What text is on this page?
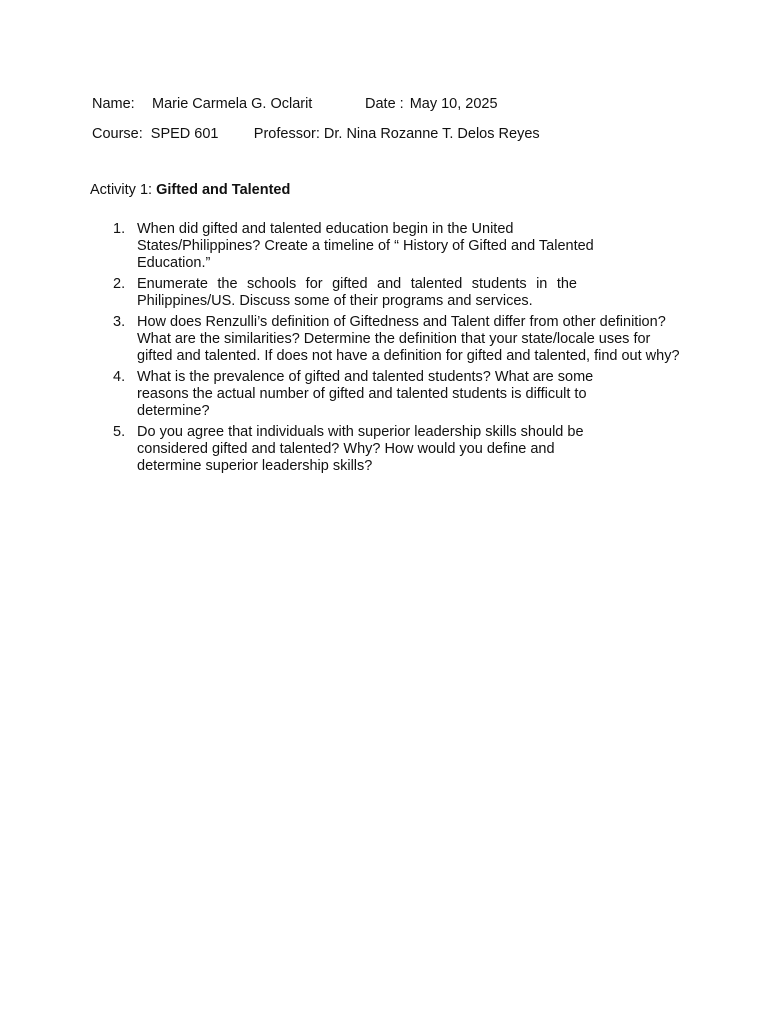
Name: Marie Carmela G. Oclarit	Date : May 10, 2025
Course: SPED 601 Professor: Dr. Nina Rozanne T. Delos Reyes
Activity 1: Gifted and Talented
1. When did gifted and talented education begin in the United States/Philippines? Create a timeline of “ History of Gifted and Talented Education.”
2. Enumerate the schools for gifted and talented students in the Philippines/US. Discuss some of their programs and services.
3. How does Renzulli’s definition of Giftedness and Talent differ from other definition? What are the similarities? Determine the definition that your state/locale uses for gifted and talented. If does not have a definition for gifted and talented, find out why?
4. What is the prevalence of gifted and talented students? What are some reasons the actual number of gifted and talented students is difficult to determine?
5. Do you agree that individuals with superior leadership skills should be considered gifted and talented? Why? How would you define and determine superior leadership skills?
